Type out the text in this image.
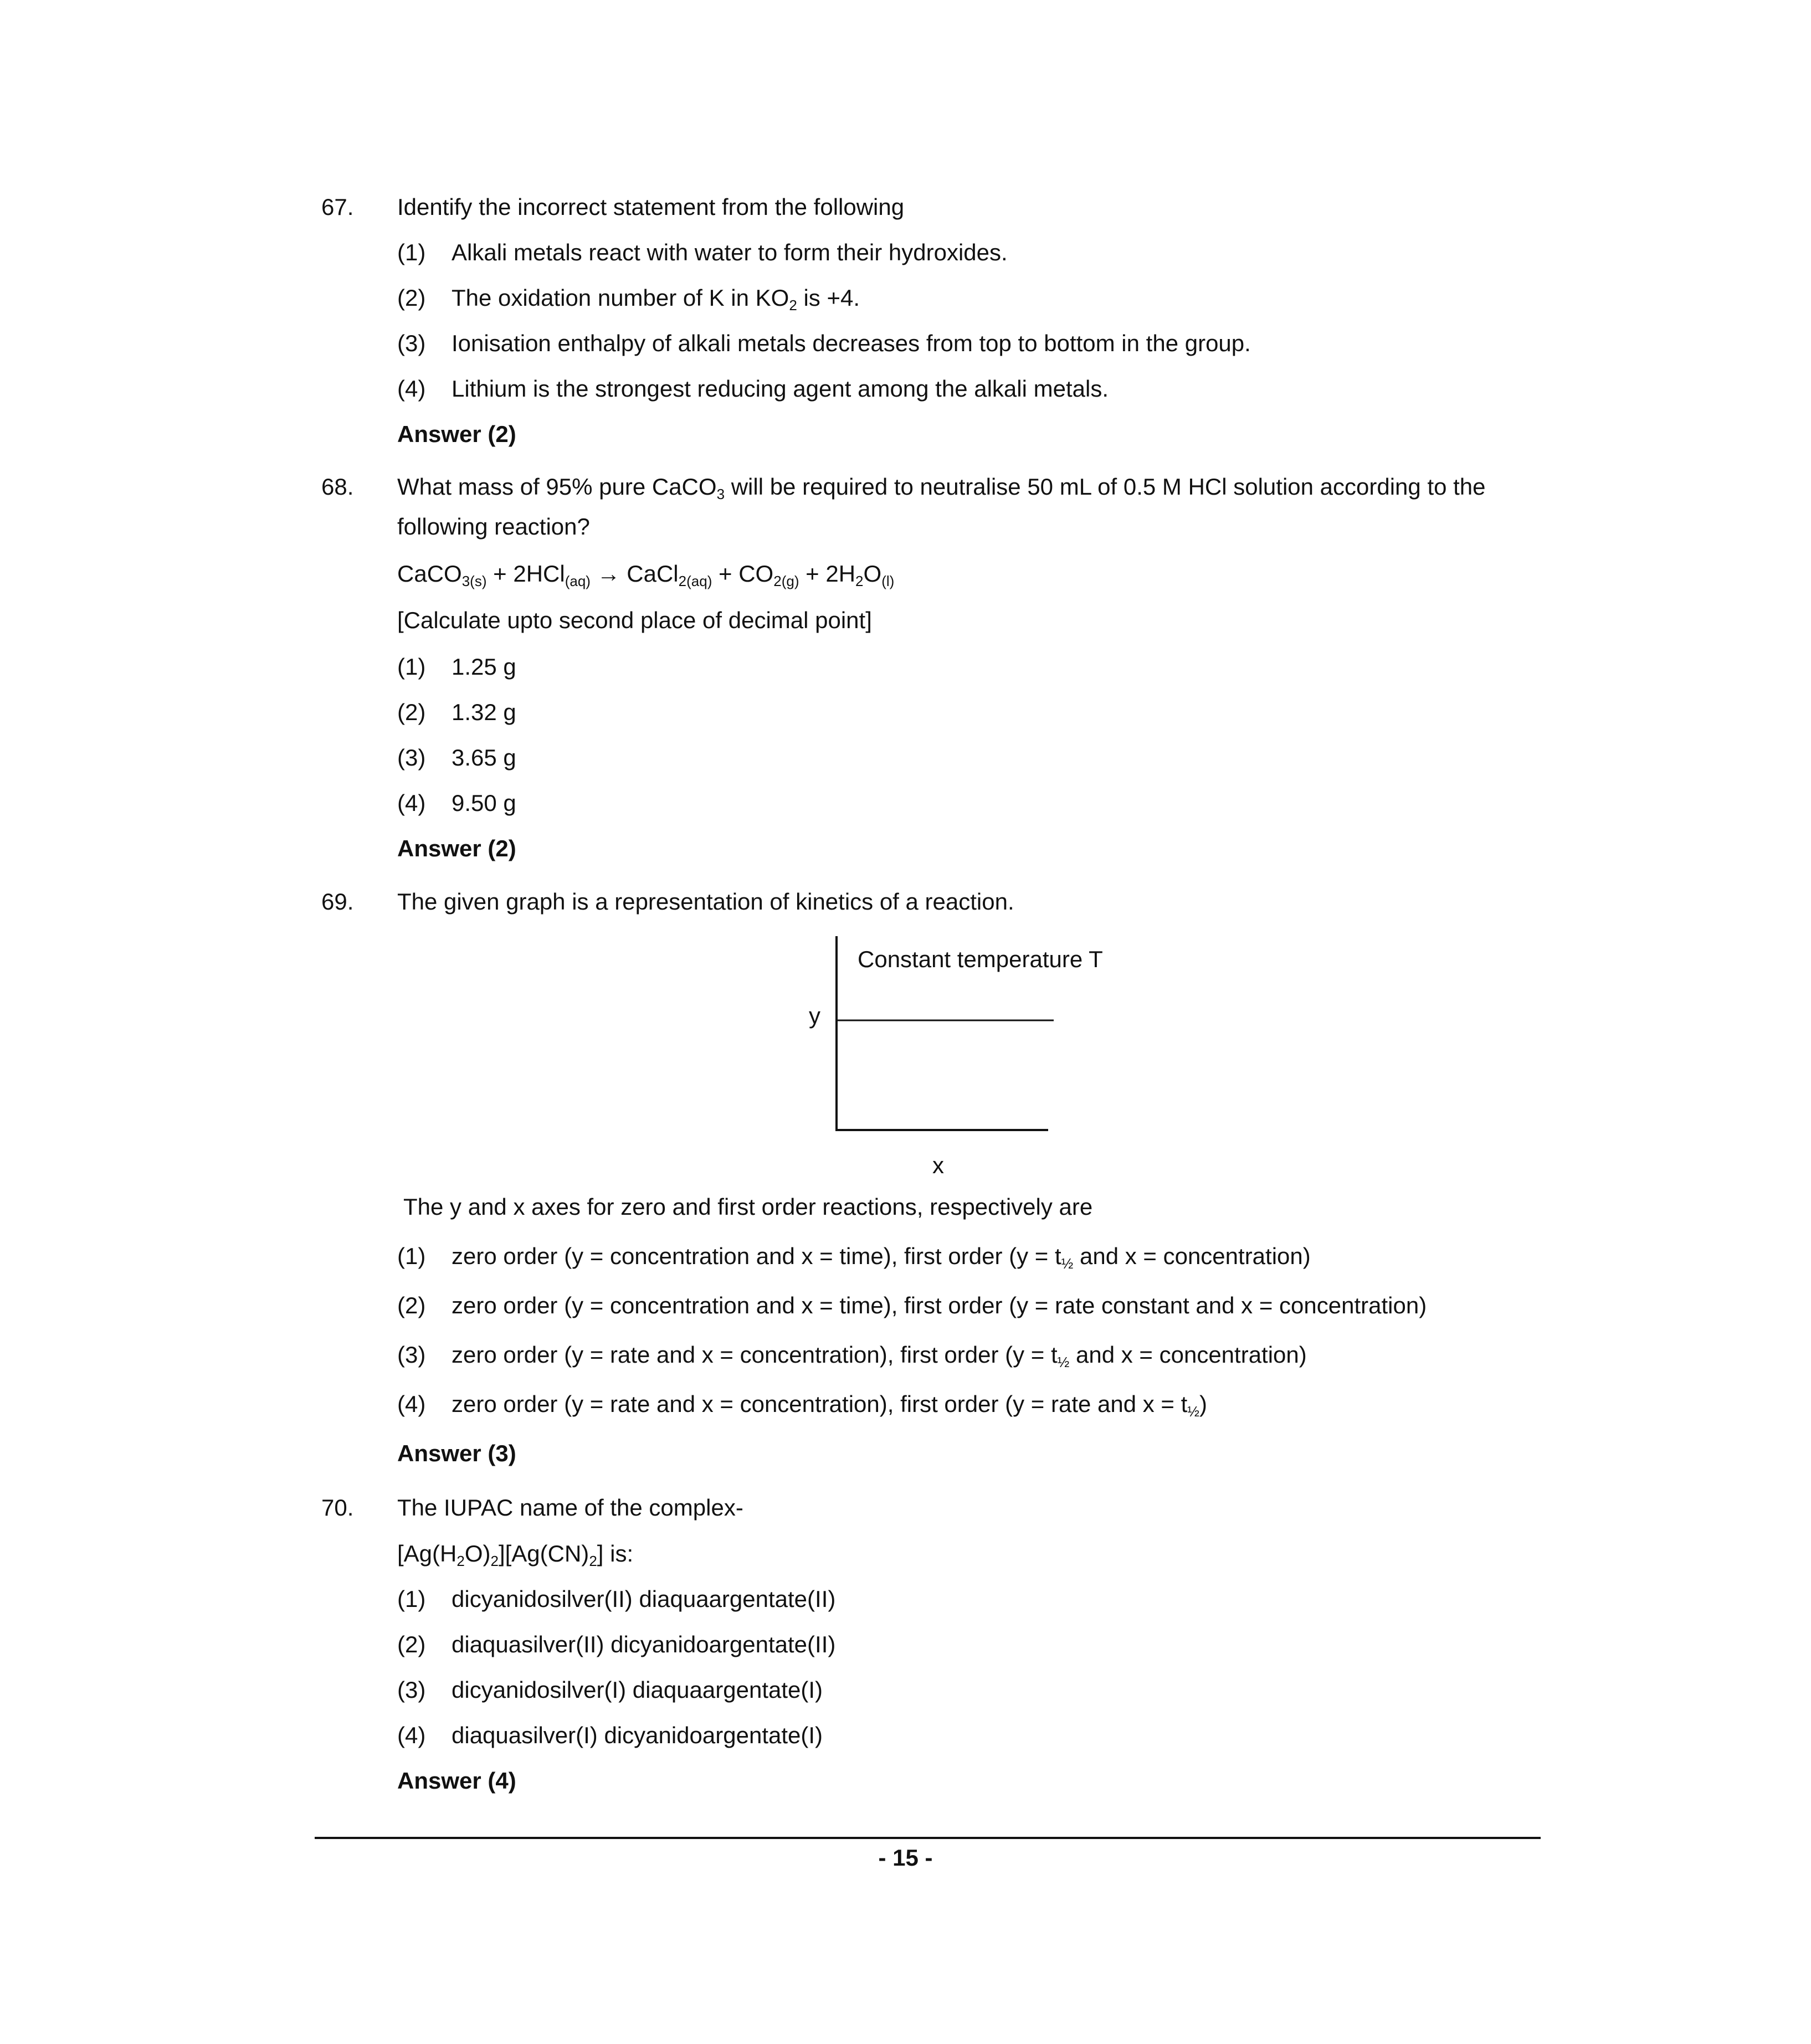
67. Identify the incorrect statement from the following
(1) Alkali metals react with water to form their hydroxides.
(2) The oxidation number of K in $KO_2$ is +4.
(3) Ionisation enthalpy of alkali metals decreases from top to bottom in the group.
(4) Lithium is the strongest reducing agent among the alkali metals.
Answer (2)
68. What mass of 95% pure CaCO$_3$ will be required to neutralise 50 mL of 0.5 M HCl solution according to the
following reaction?
CaCO$_{3(s)}$ + 2HCl$_{(aq)}$ → CaCl$_{2(aq)}$ + $CO_{2(g)} + 2H_2O_{(l)}$
[Calculate upto second place of decimal point]
(1) 1.25 g
(2) 1.32 g
(3) 3.65 g
(4) 9.50 g
Answer (2)
69. The given graph is a representation of kinetics of a reaction.
Constant temperature T
y
x
The y and x axes for zero and first order reactions, respectively are
(1) zero order (y = concentration and x = time), first order ($y = t_{\frac{1}{2}}$ and x = concentration)
(2) zero order (y = concentration and x = time), first order (y = rate constant and x = concentration)
(3) zero order (y = rate and x = concentration), first order ($y = t_{\frac{1}{2}}$ and x = concentration)
(4) zero order (y = rate and x = concentration), first order (y = rate and $x = t_{\frac{1}{2}}$)
Answer (3)
70. The IUPAC name of the complex-
$[Ag(H_2O)_2][Ag(CN)_2]$ is:
(1) dicyanidosilver(II) diaquaargentate(II)
(2) diaquasilver(II) dicyanidoargentate(II)
(3) dicyanidosilver(I) diaquaargentate(I)
(4) diaquasilver(I) dicyanidoargentate(I)
Answer (4)
- 15 -
